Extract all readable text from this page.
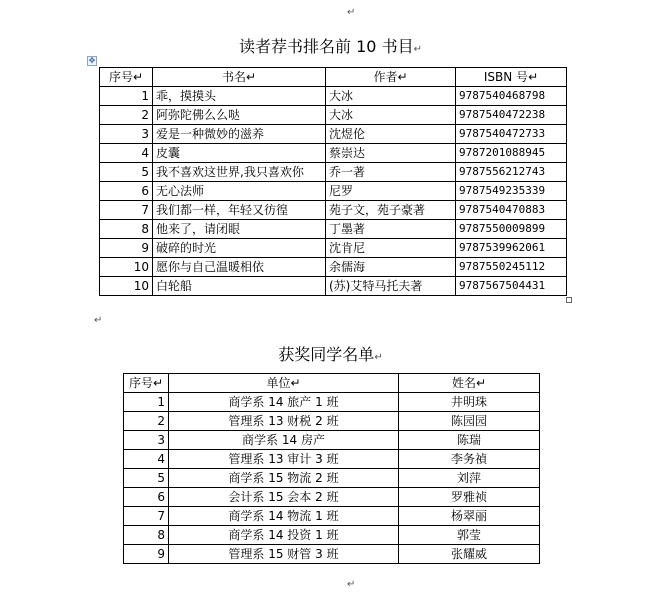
↵
读者荐书排名前 10 书目↵
✥
序号↵	书名↵	作者↵	ISBN 号↵
1	乖，摸摸头	大冰	9787540468798
2	阿弥陀佛么么哒	大冰	9787540472238
3	爱是一种微妙的滋养	沈煜伦	9787540472733
4	皮囊	蔡崇达	9787201088945
5	我不喜欢这世界,我只喜欢你	乔一著	9787556212743
6	无心法师	尼罗	9787549235339
7	我们都一样，年轻又彷徨	苑子文，苑子豪著	9787540470883
8	他来了，请闭眼	丁墨著	9787550009899
9	破碎的时光	沈肯尼	9787539962061
10	愿你与自己温暖相依	余儒海	9787550245112
10	白轮船	(苏)艾特马托夫著	9787567504431
↵
获奖同学名单↵
序号↵	单位↵	姓名↵
1	商学系 14 旅产 1 班	井明珠
2	管理系 13 财税 2 班	陈园园
3	商学系 14 房产	陈瑞
4	管理系 13 审计 3 班	李务禎
5	商学系 15 物流 2 班	刘萍
6	会计系 15 会本 2 班	罗雅祯
7	商学系 14 物流 1 班	杨翠丽
8	商学系 14 投资 1 班	郭莹
9	管理系 15 财管 3 班	张耀威
↵
